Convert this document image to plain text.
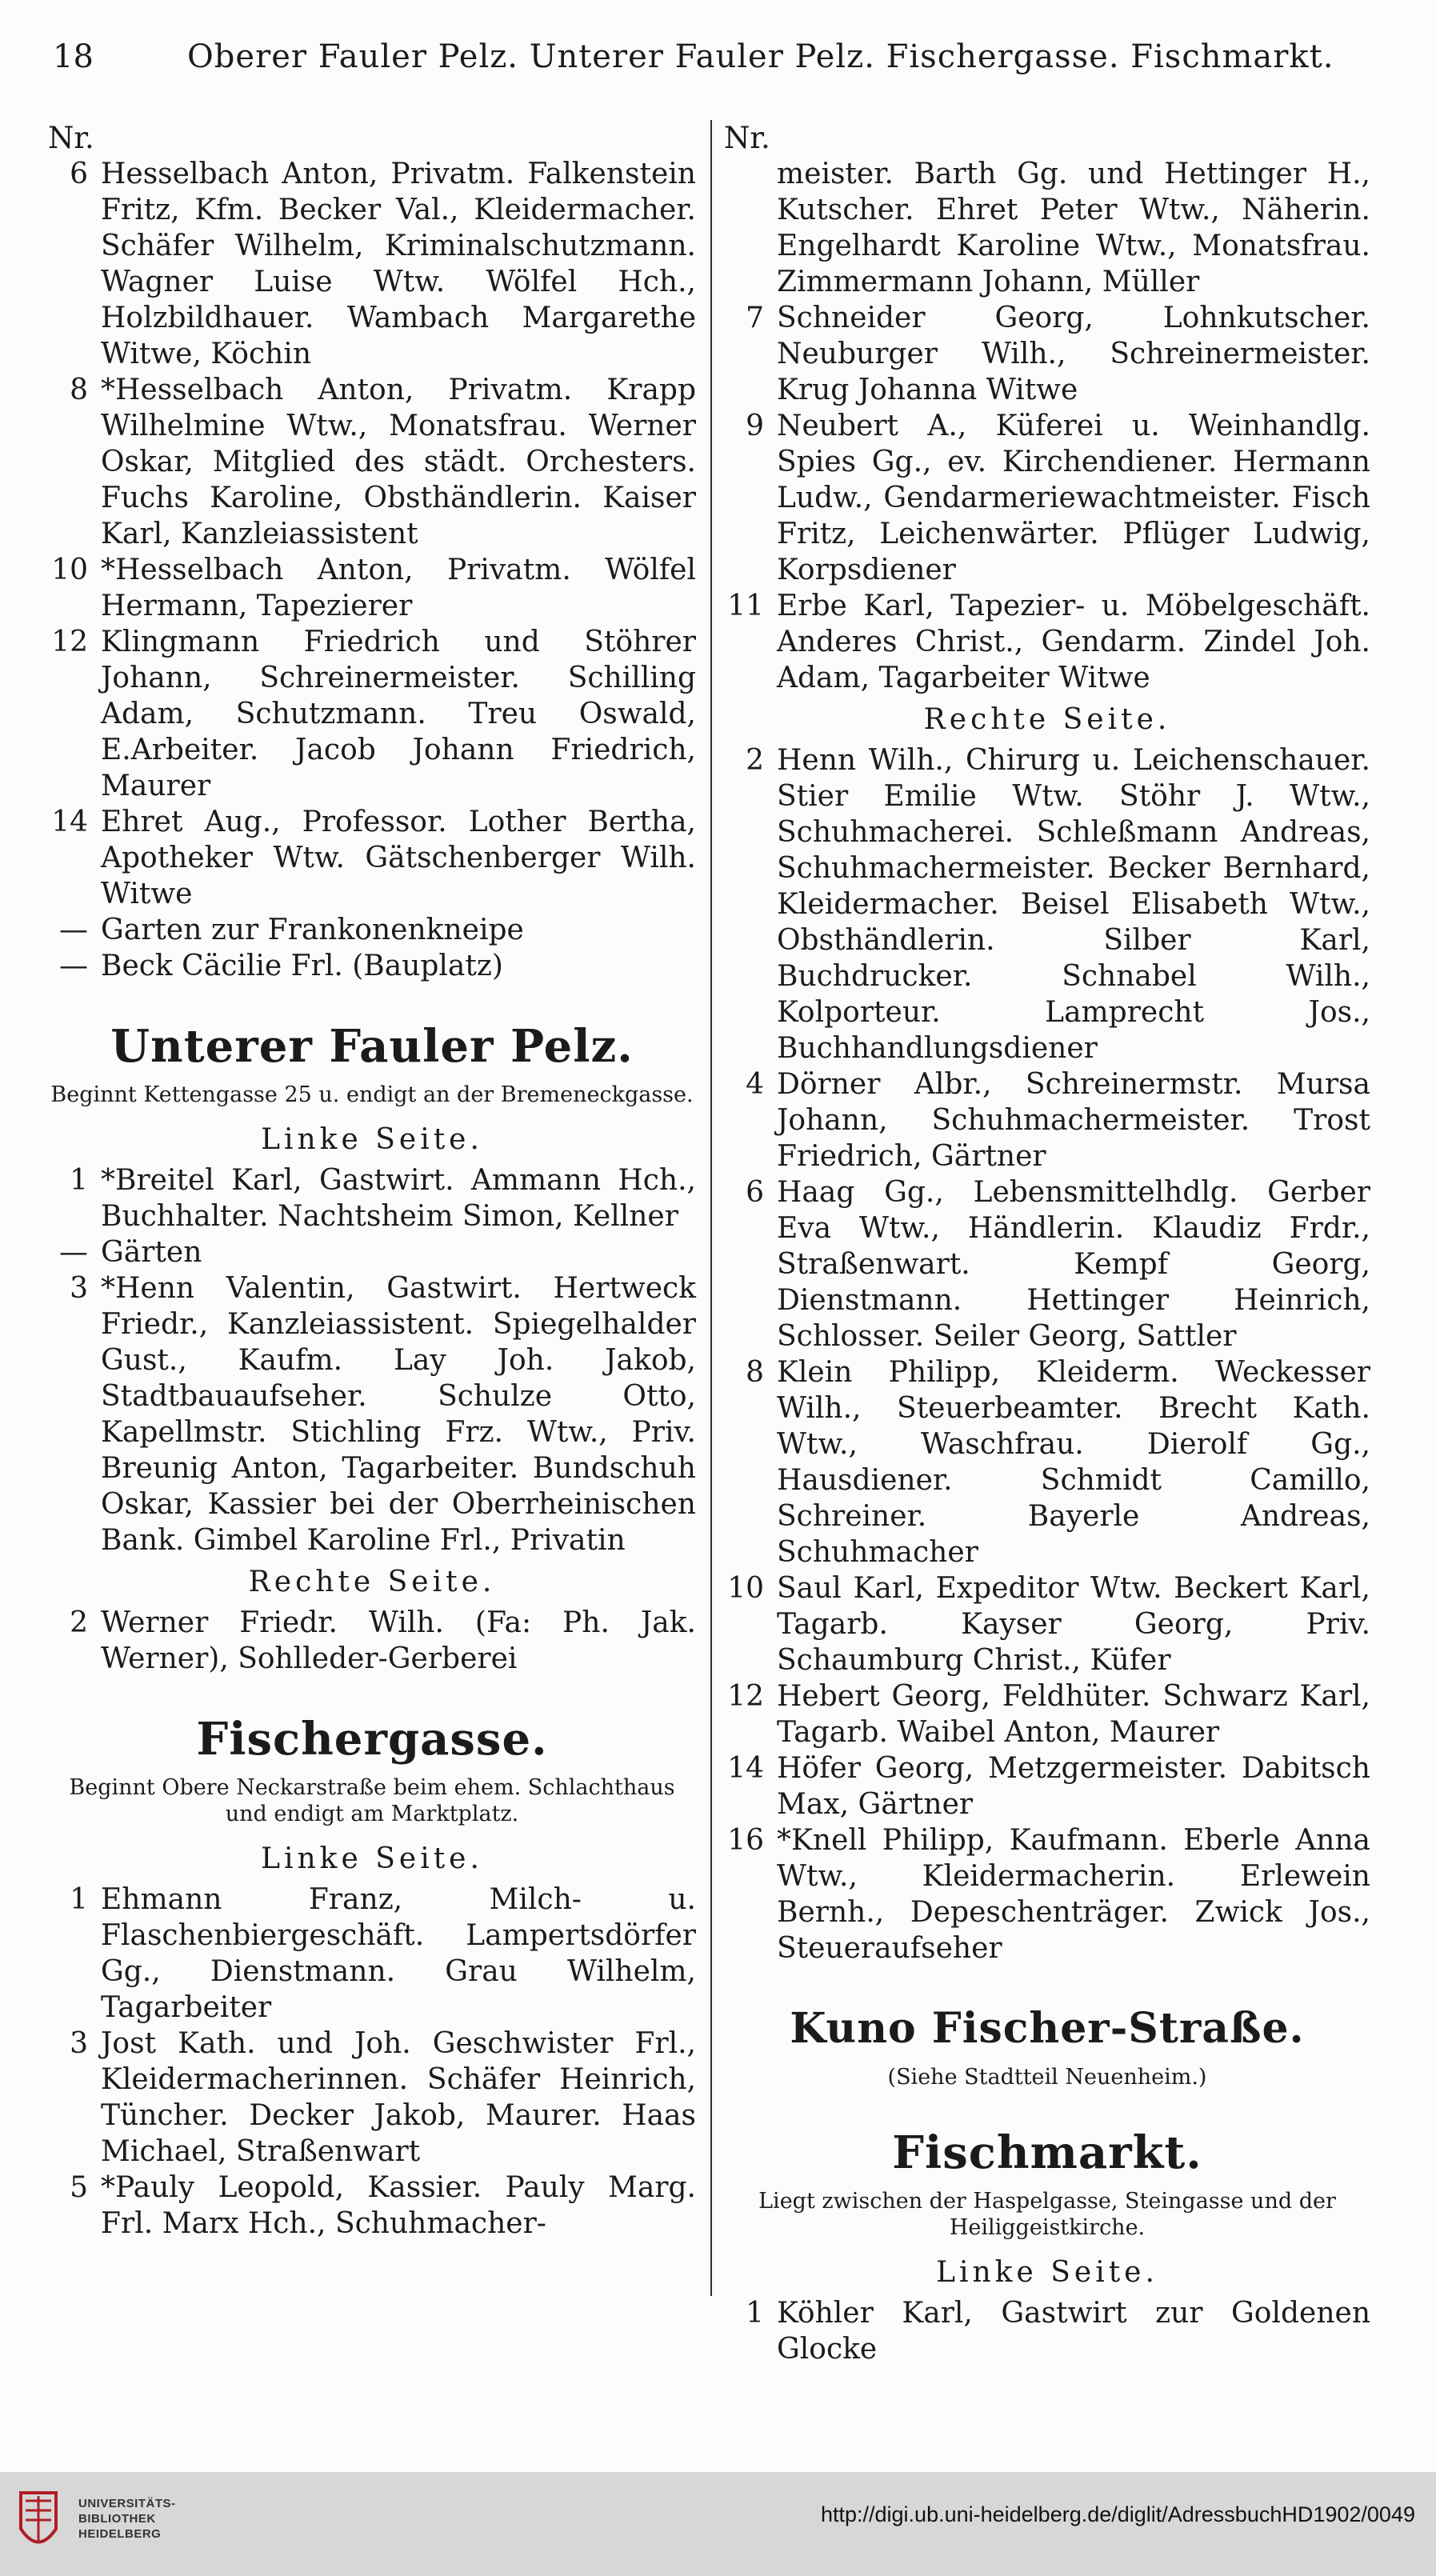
18	Oberer Fauler Pelz. Unterer Fauler Pelz. Fischergasse. Fischmarkt.
Nr.
6 Hesselbach Anton, Privatm. Falkenstein Fritz, Kfm. Becker Val., Kleidermacher. Schäfer Wilhelm, Kriminalschutzmann. Wagner Luise Wtw. Wölfel Hch., Holzbildhauer. Wambach Margarethe Witwe, Köchin
8 *Hesselbach Anton, Privatm. Krapp Wilhelmine Wtw., Monatsfrau. Werner Oskar, Mitglied des städt. Orchesters. Fuchs Karoline, Obsthändlerin. Kaiser Karl, Kanzleiassistent
10 *Hesselbach Anton, Privatm. Wölfel Hermann, Tapezierer
12 Klingmann Friedrich und Stöhrer Johann, Schreinermeister. Schilling Adam, Schutzmann. Treu Oswald, E.Arbeiter. Jacob Johann Friedrich, Maurer
14 Ehret Aug., Professor. Lother Bertha, Apotheker Wtw. Gätschenberger Wilh. Witwe
— Garten zur Frankonenkneipe
— Beck Cäcilie Frl. (Bauplatz)
Unterer Fauler Pelz.
Beginnt Kettengasse 25 u. endigt an der Bremeneckgasse.
Linke Seite.
1 *Breitel Karl, Gastwirt. Ammann Hch., Buchhalter. Nachtsheim Simon, Kellner
— Gärten
3 *Henn Valentin, Gastwirt. Hertweck Friedr., Kanzleiassistent. Spiegelhalder Gust., Kaufm. Lay Joh. Jakob, Stadtbauaufseher. Schulze Otto, Kapellmstr. Stichling Frz. Wtw., Priv. Breunig Anton, Tagarbeiter. Bundschuh Oskar, Kassier bei der Oberrheinischen Bank. Gimbel Karoline Frl., Privatin
Rechte Seite.
2 Werner Friedr. Wilh. (Fa: Ph. Jak. Werner), Sohlleder-Gerberei
Fischergasse.
Beginnt Obere Neckarstraße beim ehem. Schlachthaus und endigt am Marktplatz.
Linke Seite.
1 Ehmann Franz, Milch- u. Flaschenbiergeschäft. Lampertsdörfer Gg., Dienstmann. Grau Wilhelm, Tagarbeiter
3 Jost Kath. und Joh. Geschwister Frl., Kleidermacherinnen. Schäfer Heinrich, Tüncher. Decker Jakob, Maurer. Haas Michael, Straßenwart
5 *Pauly Leopold, Kassier. Pauly Marg. Frl. Marx Hch., Schuhmacher-
Nr.
meister. Barth Gg. und Hettinger H., Kutscher. Ehret Peter Wtw., Näherin. Engelhardt Karoline Wtw., Monatsfrau. Zimmermann Johann, Müller
7 Schneider Georg, Lohnkutscher. Neuburger Wilh., Schreinermeister. Krug Johanna Witwe
9 Neubert A., Küferei u. Weinhandlg. Spies Gg., ev. Kirchendiener. Hermann Ludw., Gendarmeriewachtmeister. Fisch Fritz, Leichenwärter. Pflüger Ludwig, Korpsdiener
11 Erbe Karl, Tapezier- u. Möbelgeschäft. Anderes Christ., Gendarm. Zindel Joh. Adam, Tagarbeiter Witwe
Rechte Seite.
2 Henn Wilh., Chirurg u. Leichenschauer. Stier Emilie Wtw. Stöhr J. Wtw., Schuhmacherei. Schleßmann Andreas, Schuhmachermeister. Becker Bernhard, Kleidermacher. Beisel Elisabeth Wtw., Obsthändlerin. Silber Karl, Buchdrucker. Schnabel Wilh., Kolporteur. Lamprecht Jos., Buchhandlungsdiener
4 Dörner Albr., Schreinermstr. Mursa Johann, Schuhmachermeister. Trost Friedrich, Gärtner
6 Haag Gg., Lebensmittelhdlg. Gerber Eva Wtw., Händlerin. Klaudiz Frdr., Straßenwart. Kempf Georg, Dienstmann. Hettinger Heinrich, Schlosser. Seiler Georg, Sattler
8 Klein Philipp, Kleiderm. Weckesser Wilh., Steuerbeamter. Brecht Kath. Wtw., Waschfrau. Dierolf Gg., Hausdiener. Schmidt Camillo, Schreiner. Bayerle Andreas, Schuhmacher
10 Saul Karl, Expeditor Wtw. Beckert Karl, Tagarb. Kayser Georg, Priv. Schaumburg Christ., Küfer
12 Hebert Georg, Feldhüter. Schwarz Karl, Tagarb. Waibel Anton, Maurer
14 Höfer Georg, Metzgermeister. Dabitsch Max, Gärtner
16 *Knell Philipp, Kaufmann. Eberle Anna Wtw., Kleidermacherin. Erlewein Bernh., Depeschenträger. Zwick Jos., Steueraufseher
Kuno Fischer-Straße.
(Siehe Stadtteil Neuenheim.)
Fischmarkt.
Liegt zwischen der Haspelgasse, Steingasse und der Heiliggeistkirche.
Linke Seite.
1 Köhler Karl, Gastwirt zur Goldenen Glocke
UNIVERSITÄTS-
BIBLIOTHEK
HEIDELBERG
http://digi.ub.uni-heidelberg.de/diglit/AdressbuchHD1902/0049
